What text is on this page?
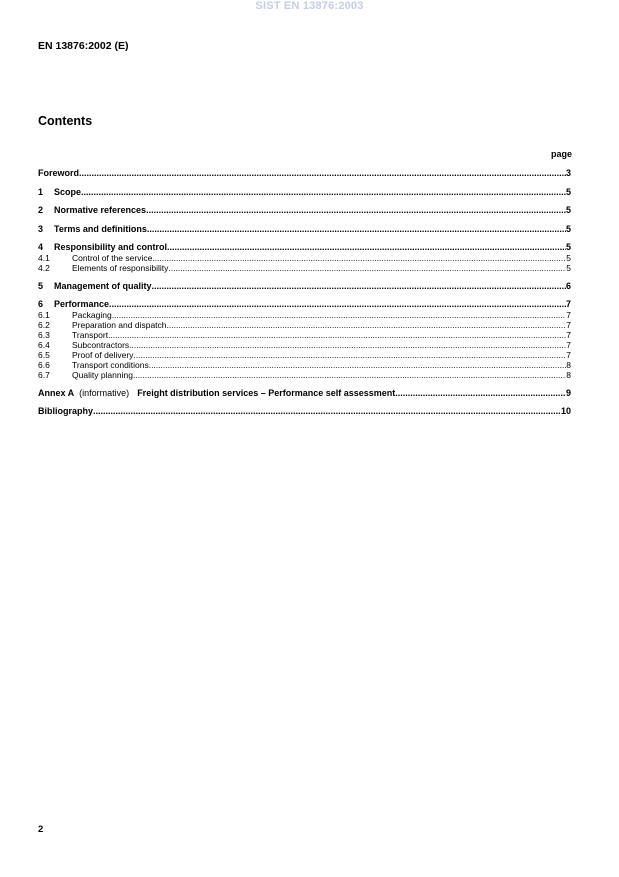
SIST EN 13876:2003
EN 13876:2002 (E)
Contents
page
Foreword .....	3
1	Scope .....	5
2	Normative references .....	5
3	Terms and definitions .....	5
4	Responsibility and control .....	5
4.1	Control of the service .....	5
4.2	Elements of responsibility .....	5
5	Management of quality .....	6
6	Performance .....	7
6.1	Packaging .....	7
6.2	Preparation and dispatch .....	7
6.3	Transport .....	7
6.4	Subcontractors .....	7
6.5	Proof of delivery .....	7
6.6	Transport conditions .....	8
6.7	Quality planning .....	8
Annex A (informative) Freight distribution services – Performance self assessment .....	9
Bibliography .....	10
2
